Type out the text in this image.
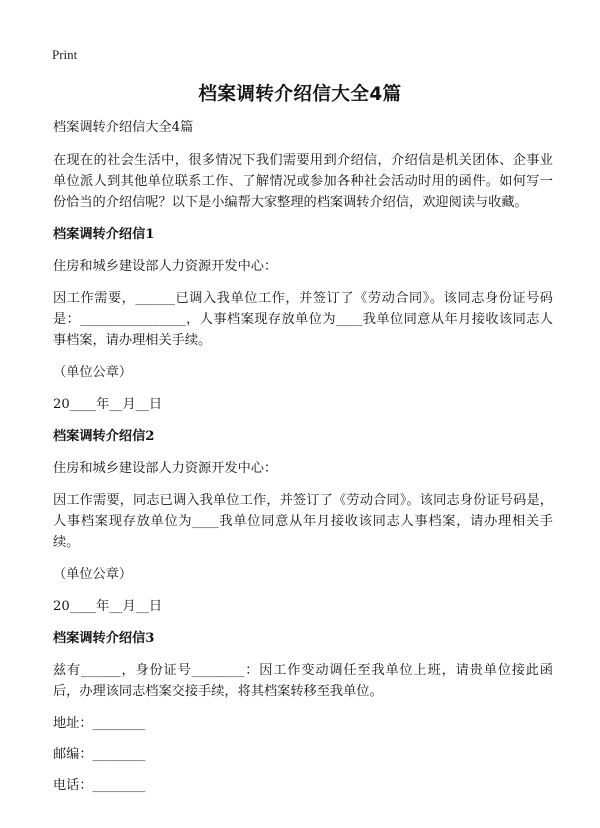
Print
档案调转介绍信大全4篇

档案调转介绍信大全4篇

在现在的社会生活中，很多情况下我们需要用到介绍信，介绍信是机关团体、企事业单位派人到其他单位联系工作、了解情况或参加各种社会活动时用的函件。如何写一份恰当的介绍信呢？以下是小编帮大家整理的档案调转介绍信，欢迎阅读与收藏。

档案调转介绍信1

住房和城乡建设部人力资源开发中心：

因工作需要，______已调入我单位工作，并签订了《劳动合同》。该同志身份证号码是：________________，人事档案现存放单位为____我单位同意从年月接收该同志人事档案，请办理相关手续。

（单位公章）

20____年__月__日

档案调转介绍信2

住房和城乡建设部人力资源开发中心：

因工作需要，同志已调入我单位工作，并签订了《劳动合同》。该同志身份证号码是，人事档案现存放单位为____我单位同意从年月接收该同志人事档案，请办理相关手续。

（单位公章）

20____年__月__日

档案调转介绍信3

兹有______，身份证号________：因工作变动调任至我单位上班，请贵单位接此函后，办理该同志档案交接手续，将其档案转移至我单位。

地址：________

邮编：________

电话：________
